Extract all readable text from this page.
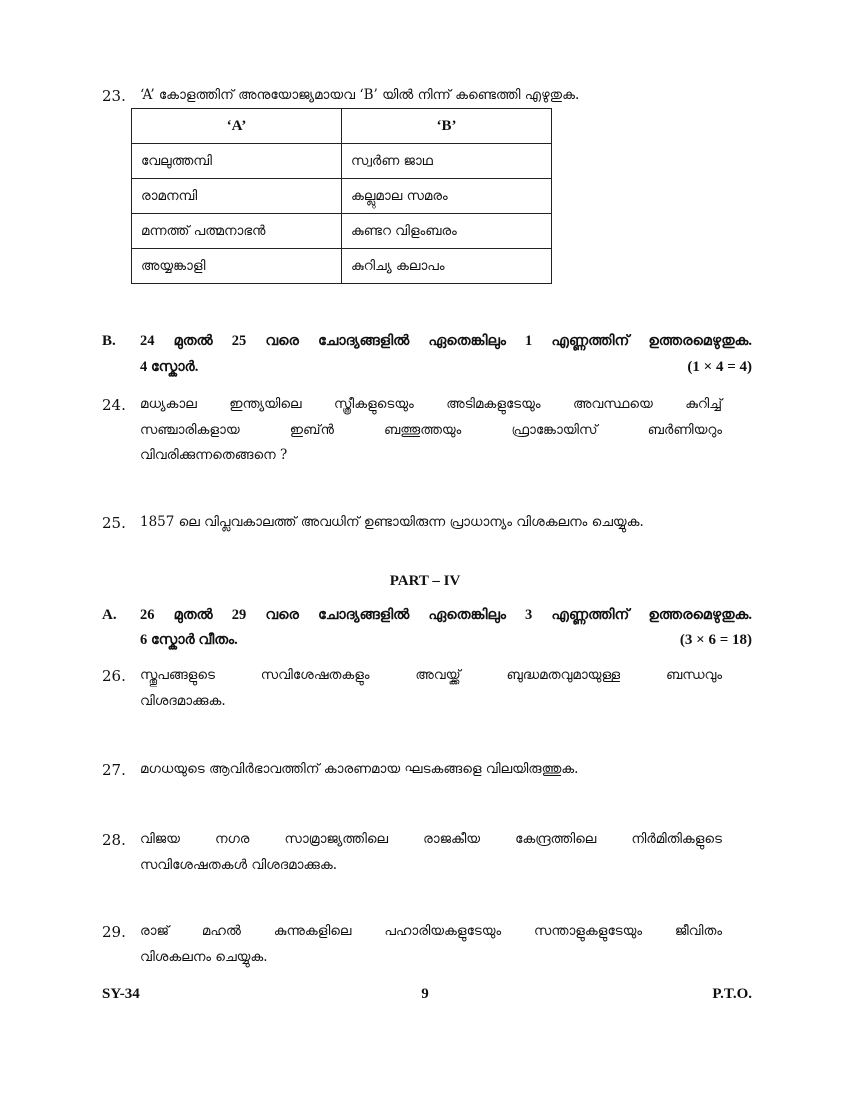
23. ‘A’ കോളത്തിന് അനുയോജ്യമായവ ‘B’ യിൽ നിന്ന് കണ്ടെത്തി എഴുതുക.
‘A’	‘B’
വേലുത്തമ്പി	സ്വർണ ജാഥ
രാമനമ്പി	കല്ലുമാല സമരം
മന്നത്ത് പത്മനാഭൻ	കുണ്ടറ വിളംബരം
അയ്യങ്കാളി	കുറിച്യ കലാപം
B. 24 മുതൽ 25 വരെ ചോദ്യങ്ങളിൽ ഏതെങ്കിലും 1 എണ്ണത്തിന് ഉത്തരമെഴുതുക.
4 സ്കോർ.	(1 × 4 = 4)
24. മധ്യകാല ഇന്ത്യയിലെ സ്ത്രീകളുടെയും അടിമകളുടേയും അവസ്ഥയെ കുറിച്ച്
സഞ്ചാരികളായ ഇബ്ൻ ബത്തൂത്തയും ഫ്രാങ്കോയിസ് ബർണിയറും
വിവരിക്കുന്നതെങ്ങനെ ?
25. 1857 ലെ വിപ്ലവകാലത്ത് അവധിന് ഉണ്ടായിരുന്ന പ്രാധാന്യം വിശകലനം ചെയ്യുക.
PART – IV
A. 26 മുതൽ 29 വരെ ചോദ്യങ്ങളിൽ ഏതെങ്കിലും 3 എണ്ണത്തിന് ഉത്തരമെഴുതുക.
6 സ്കോർ വീതം.	(3 × 6 = 18)
26. സ്തൂപങ്ങളുടെ സവിശേഷതകളും അവയ്ക്ക് ബുദ്ധമതവുമായുള്ള ബന്ധവും
വിശദമാക്കുക.
27. മഗധയുടെ ആവിർഭാവത്തിന് കാരണമായ ഘടകങ്ങളെ വിലയിരുത്തുക.
28. വിജയ നഗര സാമ്രാജ്യത്തിലെ രാജകീയ കേന്ദ്രത്തിലെ നിർമിതികളുടെ
സവിശേഷതകൾ വിശദമാക്കുക.
29. രാജ് മഹൽ കുന്നുകളിലെ പഹാരിയകളുടേയും സന്താളുകളുടേയും ജീവിതം
വിശകലനം ചെയ്യുക.
SY-34	9	P.T.O.
